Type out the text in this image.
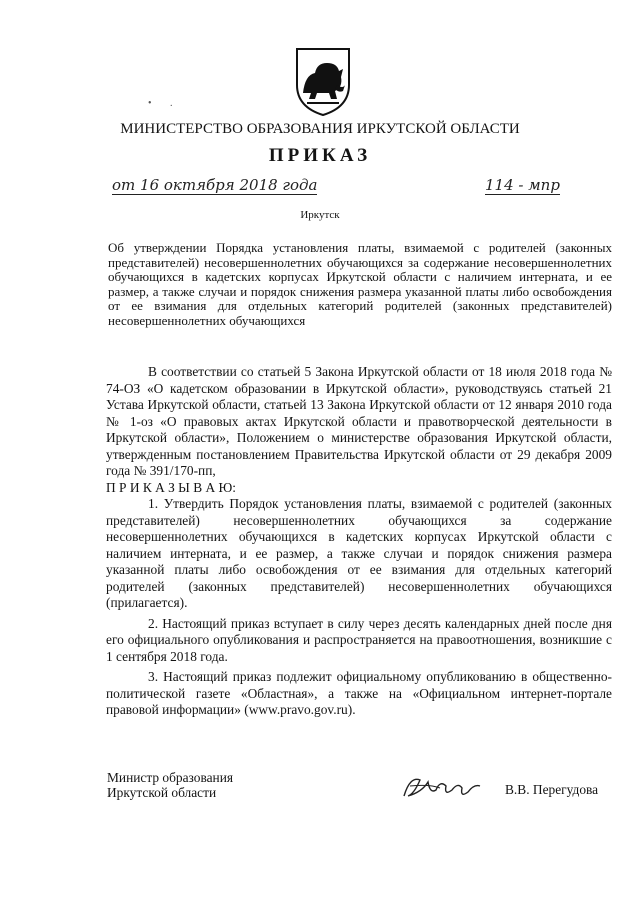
• .
МИНИСТЕРСТВО ОБРАЗОВАНИЯ ИРКУТСКОЙ ОБЛАСТИ
ПРИКАЗ
от 16 октября 2018 года	114 - мпр
Иркутск
Об утверждении Порядка установления платы, взимаемой с родителей (законных представителей) несовершеннолетних обучающихся за содержание несовершеннолетних обучающихся в кадетских корпусах Иркутской области с наличием интерната, и ее размер, а также случаи и порядок снижения размера указанной платы либо освобождения от ее взимания для отдельных категорий родителей (законных представителей) несовершеннолетних обучающихся

В соответствии со статьей 5 Закона Иркутской области от 18 июля 2018 года № 74-ОЗ «О кадетском образовании в Иркутской области», руководствуясь статьей 21 Устава Иркутской области, статьей 13 Закона Иркутской области от 12 января 2010 года № 1-оз «О правовых актах Иркутской области и правотворческой деятельности в Иркутской области», Положением о министерстве образования Иркутской области, утвержденным постановлением Правительства Иркутской области от 29 декабря 2009 года № 391/170-пп,

П Р И К А З Ы В А Ю:

1. Утвердить Порядок установления платы, взимаемой с родителей (законных представителей) несовершеннолетних обучающихся за содержание несовершеннолетних обучающихся в кадетских корпусах Иркутской области с наличием интерната, и ее размер, а также случаи и порядок снижения размера указанной платы либо освобождения от ее взимания для отдельных категорий родителей (законных представителей) несовершеннолетних обучающихся (прилагается).

2. Настоящий приказ вступает в силу через десять календарных дней после дня его официального опубликования и распространяется на правоотношения, возникшие с 1 сентября 2018 года.

3. Настоящий приказ подлежит официальному опубликованию в общественно-политической газете «Областная», а также на «Официальном интернет-портале правовой информации» (www.pravo.gov.ru).

Министр образования
Иркутской области	В.В. Перегудова
